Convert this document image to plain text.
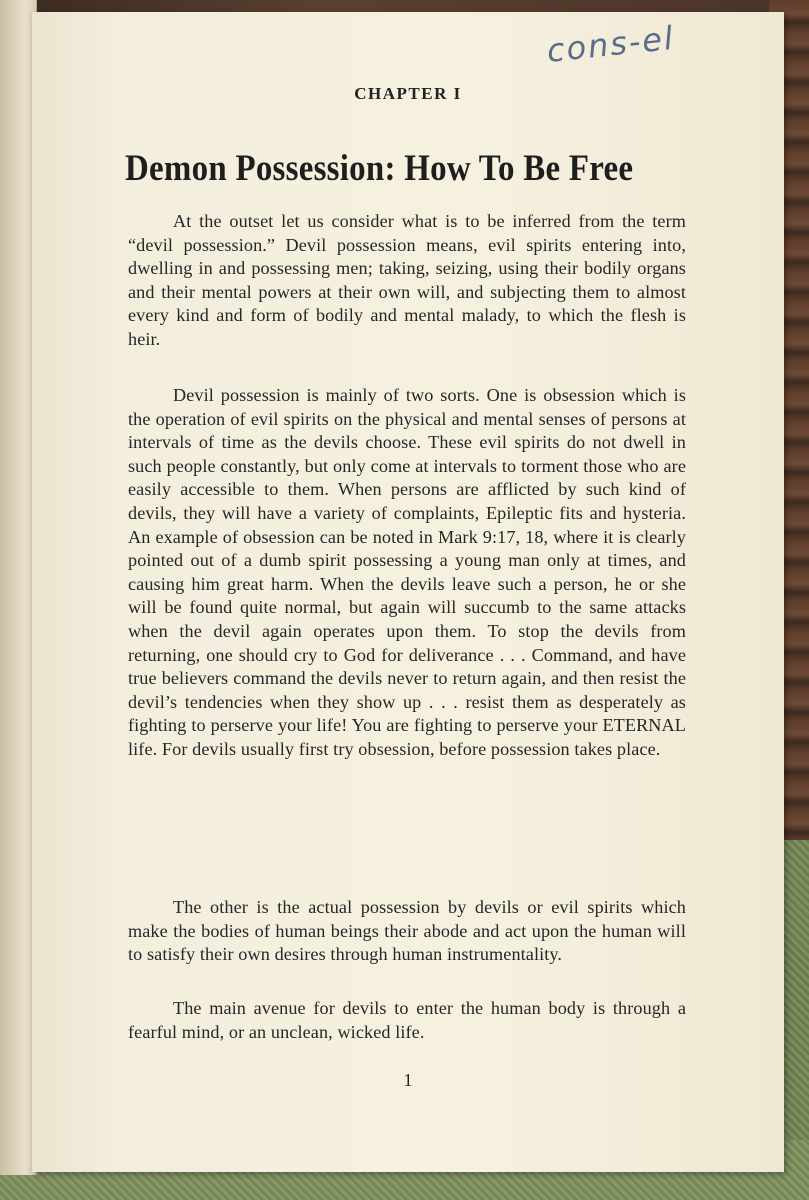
cons-el
CHAPTER I
Demon Possession: How To Be Free

At the outset let us consider what is to be inferred from the term “devil possession.” Devil possession means, evil spirits entering into, dwelling in and possessing men; taking, seizing, using their bodily organs and their mental powers at their own will, and subjecting them to almost every kind and form of bodily and mental malady, to which the flesh is heir.

Devil possession is mainly of two sorts. One is obsession which is the operation of evil spirits on the physical and mental senses of persons at intervals of time as the devils choose. These evil spirits do not dwell in such people constantly, but only come at intervals to torment those who are easily accessible to them. When persons are afflicted by such kind of devils, they will have a variety of complaints, Epileptic fits and hysteria. An example of obsession can be noted in Mark 9:17, 18, where it is clearly pointed out of a dumb spirit possessing a young man only at times, and causing him great harm. When the devils leave such a person, he or she will be found quite normal, but again will succumb to the same attacks when the devil again operates upon them. To stop the devils from returning, one should cry to God for deliverance . . . Command, and have true believers command the devils never to return again, and then resist the devil’s tendencies when they show up . . . resist them as desperately as fighting to perserve your life! You are fighting to perserve your ETERNAL life. For devils usually first try obsession, before possession takes place.

The other is the actual possession by devils or evil spirits which make the bodies of human beings their abode and act upon the human will to satisfy their own desires through human instrumentality.

The main avenue for devils to enter the human body is through a fearful mind, or an unclean, wicked life.

1
